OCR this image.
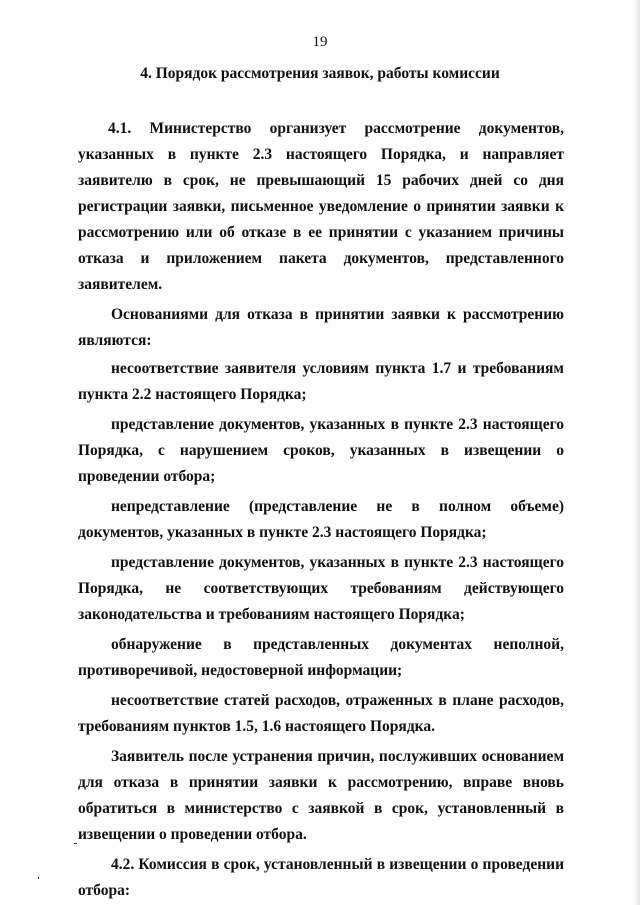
19
4. Порядок рассмотрения заявок, работы комиссии

4.1. Министерство организует рассмотрение документов, указанных в пункте 2.3 настоящего Порядка, и направляет заявителю в срок, не превышающий 15 рабочих дней со дня регистрации заявки, письменное уведомление о принятии заявки к рассмотрению или об отказе в ее принятии с указанием причины отказа и приложением пакета документов, представленного заявителем.

Основаниями для отказа в принятии заявки к рассмотрению являются:

несоответствие заявителя условиям пункта 1.7 и требованиям пункта 2.2 настоящего Порядка;

представление документов, указанных в пункте 2.3 настоящего Порядка, с нарушением сроков, указанных в извещении о проведении отбора;

непредставление (представление не в полном объеме) документов, указанных в пункте 2.3 настоящего Порядка;

представление документов, указанных в пункте 2.3 настоящего Порядка, не соответствующих требованиям действующего законодательства и требованиям настоящего Порядка;

обнаружение в представленных документах неполной, противоречивой, недостоверной информации;

несоответствие статей расходов, отраженных в плане расходов, требованиям пунктов 1.5, 1.6 настоящего Порядка.

Заявитель после устранения причин, послуживших основанием для отказа в принятии заявки к рассмотрению, вправе вновь обратиться в министерство с заявкой в срок, установленный в извещении о проведении отбора.

4.2. Комиссия в срок, установленный в извещении о проведении отбора:
